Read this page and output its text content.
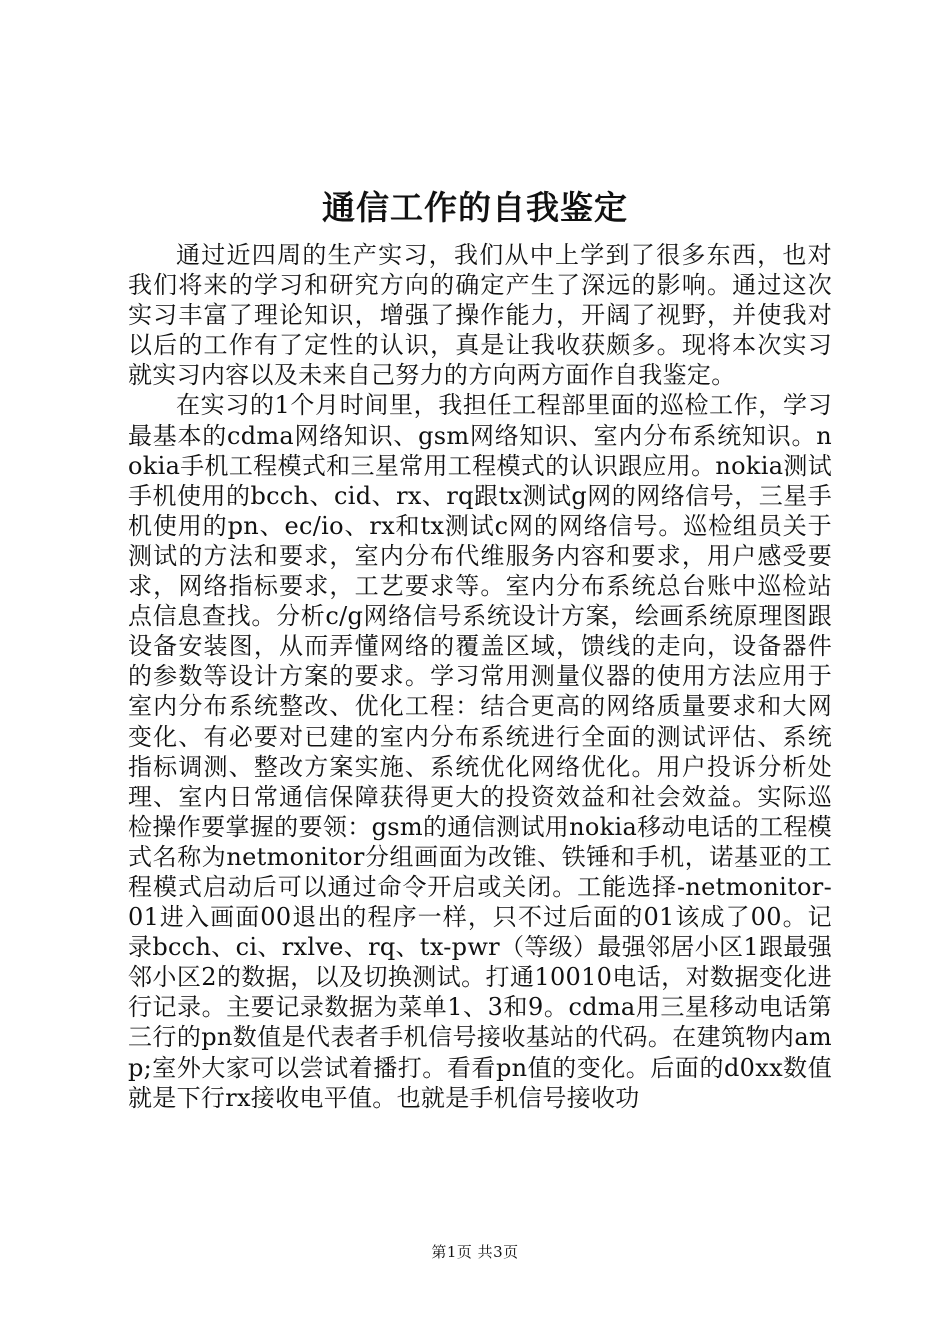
通信工作的自我鉴定

通过近四周的生产实习，我们从中上学到了很多东西，也对我们将来的学习和研究方向的确定产生了深远的影响。通过这次实习丰富了理论知识，增强了操作能力，开阔了视野，并使我对以后的工作有了定性的认识，真是让我收获颇多。现将本次实习就实习内容以及未来自己努力的方向两方面作自我鉴定。

在实习的1个月时间里，我担任工程部里面的巡检工作，学习最基本的cdma网络知识、gsm网络知识、室内分布系统知识。nokia手机工程模式和三星常用工程模式的认识跟应用。nokia测试手机使用的bcch、cid、rx、rq跟tx测试g网的网络信号，三星手机使用的pn、ec/io、rx和tx测试c网的网络信号。巡检组员关于测试的方法和要求，室内分布代维服务内容和要求，用户感受要求，网络指标要求，工艺要求等。室内分布系统总台账中巡检站点信息查找。分析c/g网络信号系统设计方案，绘画系统原理图跟设备安装图，从而弄懂网络的覆盖区域，馈线的走向，设备器件的参数等设计方案的要求。学习常用测量仪器的使用方法应用于室内分布系统整改、优化工程：结合更高的网络质量要求和大网变化、有必要对已建的室内分布系统进行全面的测试评估、系统指标调测、整改方案实施、系统优化网络优化。用户投诉分析处理、室内日常通信保障获得更大的投资效益和社会效益。实际巡检操作要掌握的要领：gsm的通信测试用nokia移动电话的工程模式名称为netmonitor分组画面为改锥、铁锤和手机，诺基亚的工程模式启动后可以通过命令开启或关闭。工能选择-netmonitor-01进入画面00退出的程序一样，只不过后面的01该成了00。记录bcch、ci、rxlve、rq、tx-pwr（等级）最强邻居小区1跟最强邻小区2的数据，以及切换测试。打通10010电话，对数据变化进行记录。主要记录数据为菜单1、3和9。cdma用三星移动电话第三行的pn数值是代表者手机信号接收基站的代码。在建筑物内amp;室外大家可以尝试着播打。看看pn值的变化。后面的d0xx数值就是下行rx接收电平值。也就是手机信号接收功

第1页 共3页
